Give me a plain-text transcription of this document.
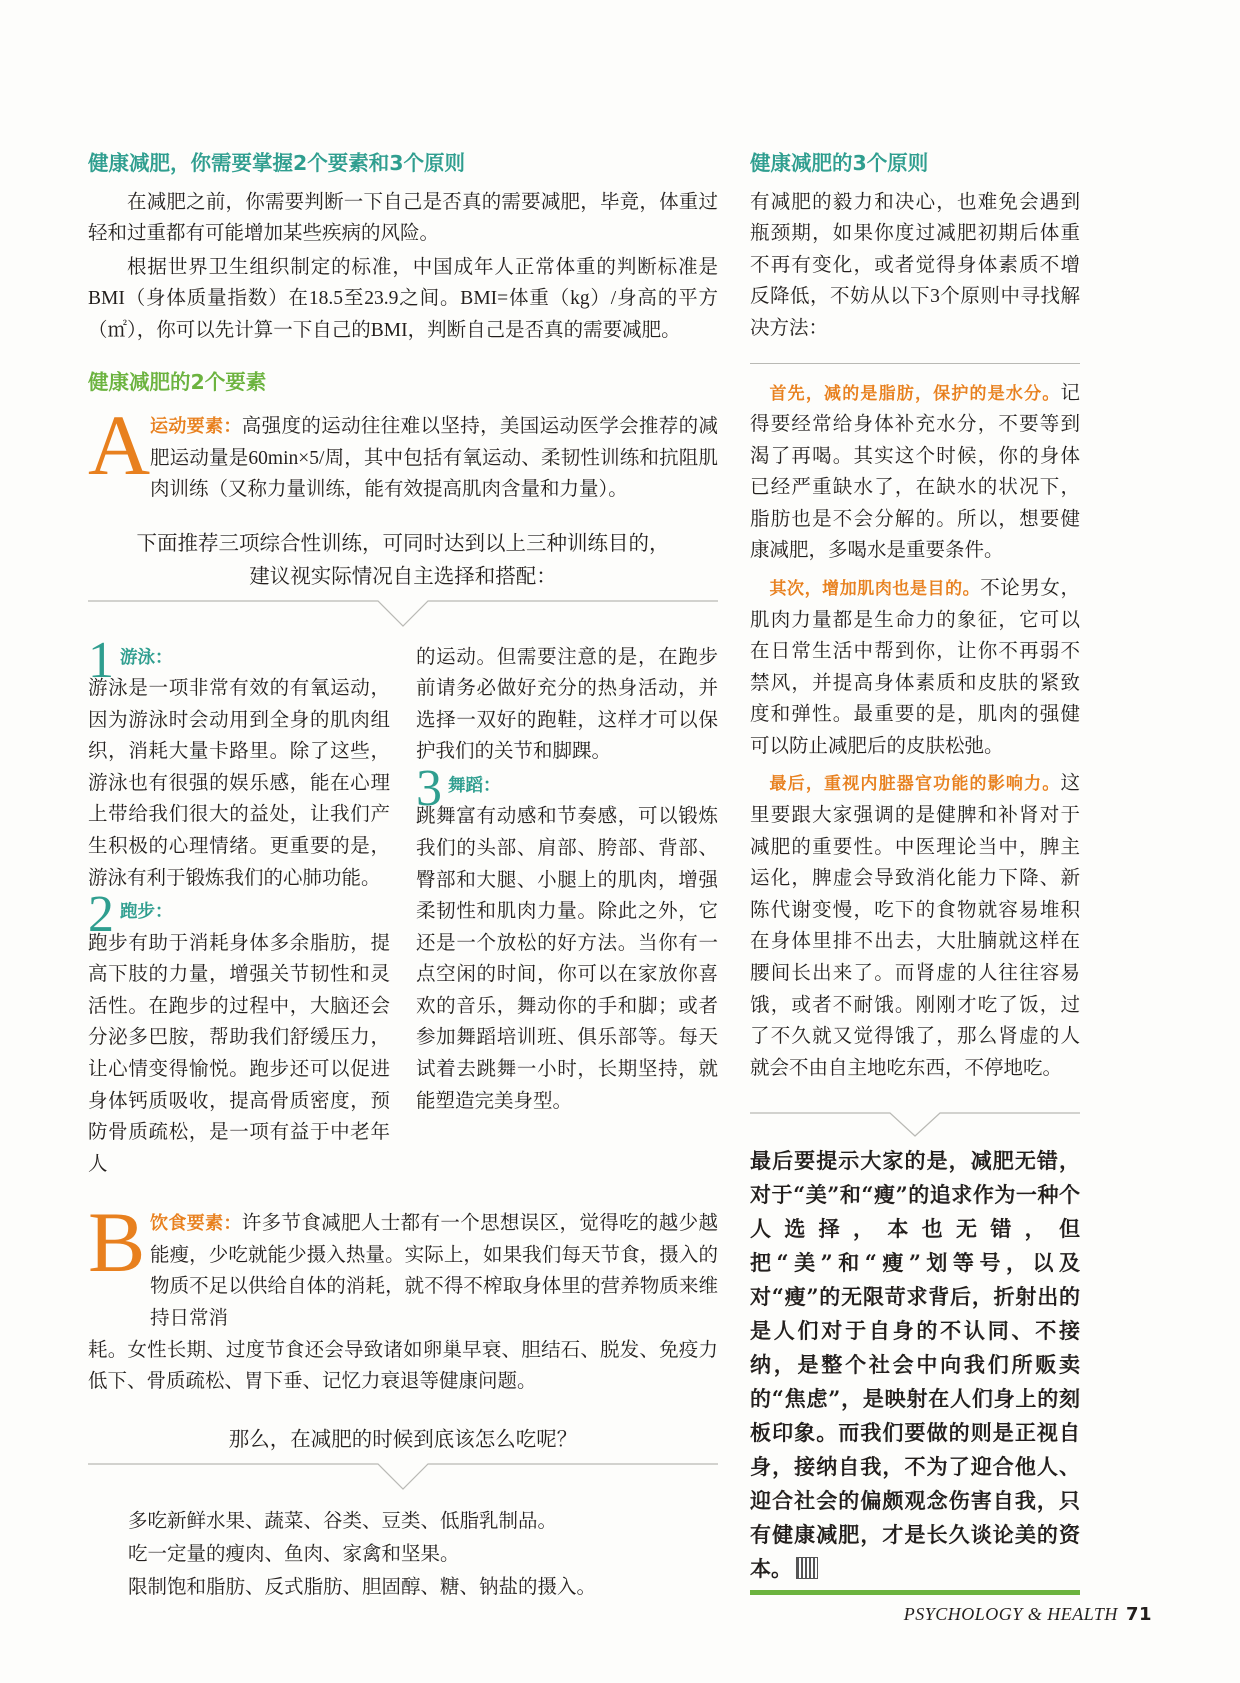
健康减肥，你需要掌握2个要素和3个原则

在减肥之前，你需要判断一下自己是否真的需要减肥，毕竟，体重过轻和过重都有可能增加某些疾病的风险。

根据世界卫生组织制定的标准，中国成年人正常体重的判断标准是BMI（身体质量指数）在18.5至23.9之间。BMI=体重（kg）/身高的平方（㎡），你可以先计算一下自己的BMI，判断自己是否真的需要减肥。

健康减肥的2个要素
A 运动要素：高强度的运动往往难以坚持，美国运动医学会推荐的减肥运动量是60min×5/周，其中包括有氧运动、柔韧性训练和抗阻肌肉训练（又称力量训练，能有效提高肌肉含量和力量）。
下面推荐三项综合性训练，可同时达到以上三种训练目的，
建议视实际情况自主选择和搭配：
1 游泳：
游泳是一项非常有效的有氧运动，因为游泳时会动用到全身的肌肉组织，消耗大量卡路里。除了这些，游泳也有很强的娱乐感，能在心理上带给我们很大的益处，让我们产生积极的心理情绪。更重要的是，游泳有利于锻炼我们的心肺功能。
2 跑步：
跑步有助于消耗身体多余脂肪，提高下肢的力量，增强关节韧性和灵活性。在跑步的过程中，大脑还会分泌多巴胺，帮助我们舒缓压力，让心情变得愉悦。跑步还可以促进身体钙质吸收，提高骨质密度，预防骨质疏松，是一项有益于中老年人
的运动。但需要注意的是，在跑步前请务必做好充分的热身活动，并选择一双好的跑鞋，这样才可以保护我们的关节和脚踝。
3 舞蹈：
跳舞富有动感和节奏感，可以锻炼我们的头部、肩部、胯部、背部、臀部和大腿、小腿上的肌肉，增强柔韧性和肌肉力量。除此之外，它还是一个放松的好方法。当你有一点空闲的时间，你可以在家放你喜欢的音乐，舞动你的手和脚；或者参加舞蹈培训班、俱乐部等。每天试着去跳舞一小时，长期坚持，就能塑造完美身型。
B 饮食要素：许多节食减肥人士都有一个思想误区，觉得吃的越少越能瘦，少吃就能少摄入热量。实际上，如果我们每天节食，摄入的物质不足以供给自体的消耗，就不得不榨取身体里的营养物质来维持日常消
耗。女性长期、过度节食还会导致诸如卵巢早衰、胆结石、脱发、免疫力低下、骨质疏松、胃下垂、记忆力衰退等健康问题。
那么，在减肥的时候到底该怎么吃呢？
多吃新鲜水果、蔬菜、谷类、豆类、低脂乳制品。
吃一定量的瘦肉、鱼肉、家禽和坚果。
限制饱和脂肪、反式脂肪、胆固醇、糖、钠盐的摄入。
健康减肥的3个原则

有减肥的毅力和决心，也难免会遇到瓶颈期，如果你度过减肥初期后体重不再有变化，或者觉得身体素质不增反降低，不妨从以下3个原则中寻找解决方法：

首先，减的是脂肪，保护的是水分。记得要经常给身体补充水分，不要等到渴了再喝。其实这个时候，你的身体已经严重缺水了，在缺水的状况下，脂肪也是不会分解的。所以，想要健康减肥，多喝水是重要条件。

其次，增加肌肉也是目的。不论男女，肌肉力量都是生命力的象征，它可以在日常生活中帮到你，让你不再弱不禁风，并提高身体素质和皮肤的紧致度和弹性。最重要的是，肌肉的强健可以防止减肥后的皮肤松弛。

最后，重视内脏器官功能的影响力。这里要跟大家强调的是健脾和补肾对于减肥的重要性。中医理论当中，脾主运化，脾虚会导致消化能力下降、新陈代谢变慢，吃下的食物就容易堆积在身体里排不出去，大肚腩就这样在腰间长出来了。而肾虚的人往往容易饿，或者不耐饿。刚刚才吃了饭，过了不久就又觉得饿了，那么肾虚的人就会不由自主地吃东西，不停地吃。

最后要提示大家的是，减肥无错，对于“美”和“瘦”的追求作为一种个人选择，本也无错，但把“美”和“瘦”划等号，以及对“瘦”的无限苛求背后，折射出的是人们对于自身的不认同、不接纳，是整个社会中向我们所贩卖的“焦虑”，是映射在人们身上的刻板印象。而我们要做的则是正视自身，接纳自我，不为了迎合他人、迎合社会的偏颇观念伤害自我，只有健康减肥，才是长久谈论美的资本。
PSYCHOLOGY & HEALTH 71
